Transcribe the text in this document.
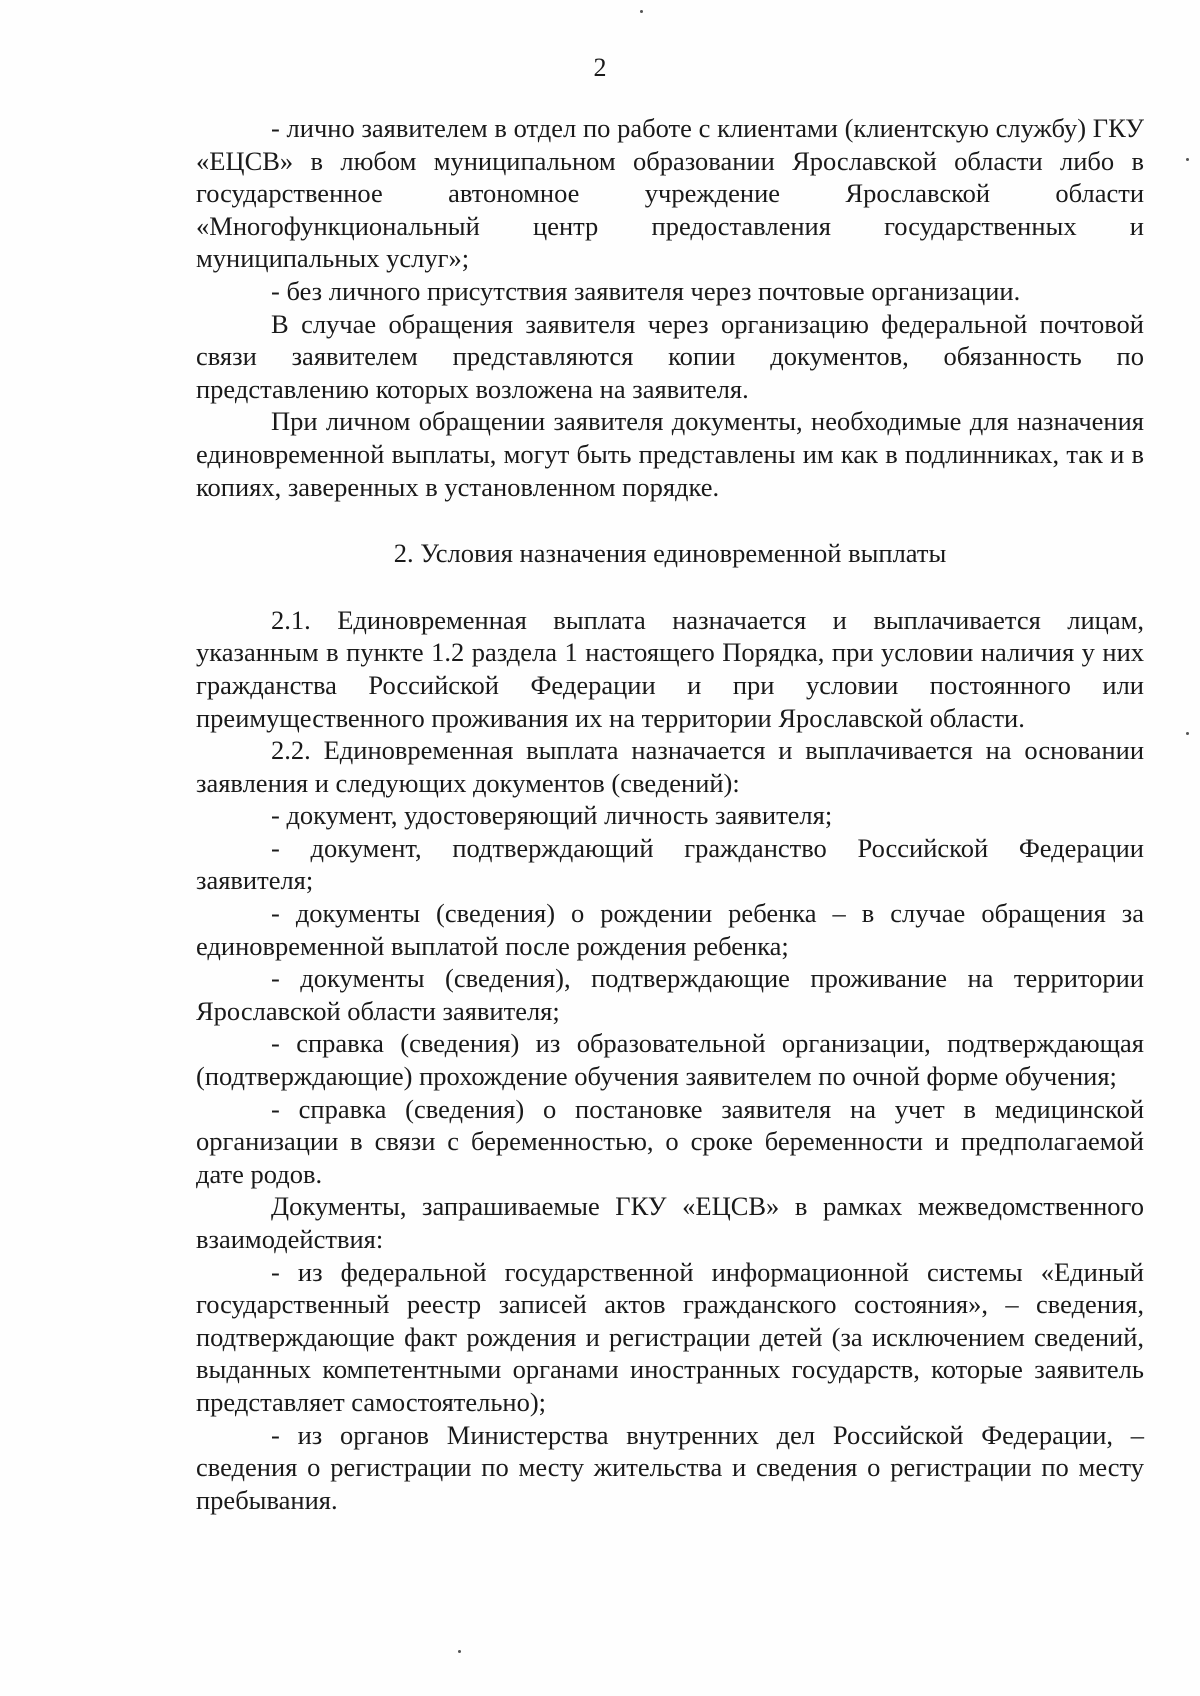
2

- лично заявителем в отдел по работе с клиентами (клиентскую службу) ГКУ «ЕЦСВ» в любом муниципальном образовании Ярославской области либо в государственное автономное учреждение Ярославской области «Многофункциональный центр предоставления государственных и муниципальных услуг»;

- без личного присутствия заявителя через почтовые организации.

В случае обращения заявителя через организацию федеральной почтовой связи заявителем представляются копии документов, обязанность по представлению которых возложена на заявителя.

При личном обращении заявителя документы, необходимые для назначения единовременной выплаты, могут быть представлены им как в подлинниках, так и в копиях, заверенных в установленном порядке.

2. Условия назначения единовременной выплаты

2.1. Единовременная выплата назначается и выплачивается лицам, указанным в пункте 1.2 раздела 1 настоящего Порядка, при условии наличия у них гражданства Российской Федерации и при условии постоянного или преимущественного проживания их на территории Ярославской области.

2.2. Единовременная выплата назначается и выплачивается на основании заявления и следующих документов (сведений):

- документ, удостоверяющий личность заявителя;

- документ, подтверждающий гражданство Российской Федерации заявителя;

- документы (сведения) о рождении ребенка – в случае обращения за единовременной выплатой после рождения ребенка;

- документы (сведения), подтверждающие проживание на территории Ярославской области заявителя;

- справка (сведения) из образовательной организации, подтверждающая (подтверждающие) прохождение обучения заявителем по очной форме обучения;

- справка (сведения) о постановке заявителя на учет в медицинской организации в связи с беременностью, о сроке беременности и предполагаемой дате родов.

Документы, запрашиваемые ГКУ «ЕЦСВ» в рамках межведомственного взаимодействия:

- из федеральной государственной информационной системы «Единый государственный реестр записей актов гражданского состояния», – сведения, подтверждающие факт рождения и регистрации детей (за исключением сведений, выданных компетентными органами иностранных государств, которые заявитель представляет самостоятельно);

- из органов Министерства внутренних дел Российской Федерации, – сведения о регистрации по месту жительства и сведения о регистрации по месту пребывания.
